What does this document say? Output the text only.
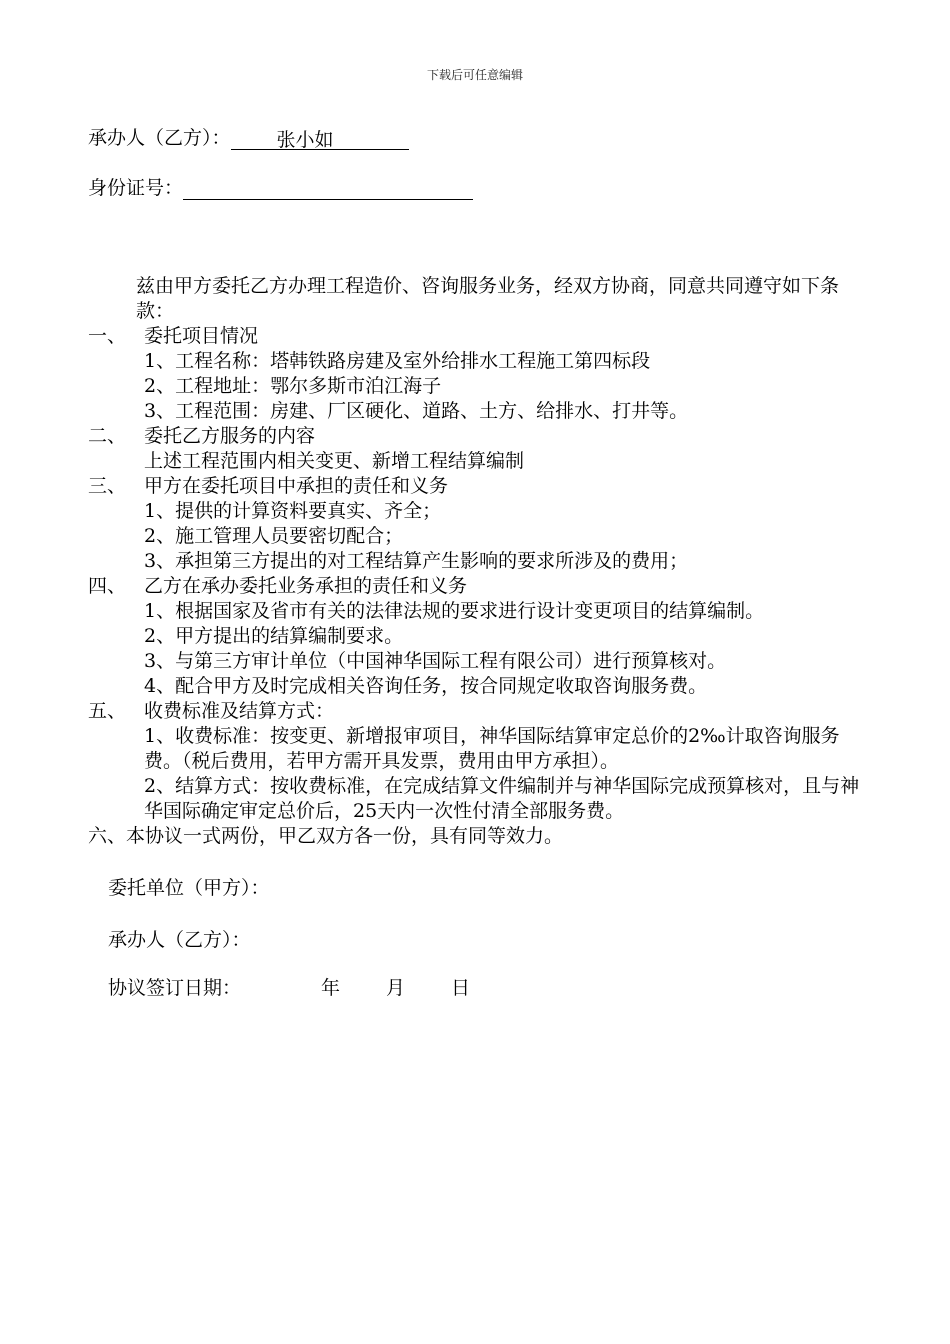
下载后可任意编辑
承办人（乙方）： 张小如
身份证号：
兹由甲方委托乙方办理工程造价、咨询服务业务，经双方协商，同意共同遵守如下条款：
一、 委托项目情况
1、工程名称：塔韩铁路房建及室外给排水工程施工第四标段
2、工程地址：鄂尔多斯市泊江海子
3、工程范围：房建、厂区硬化、道路、土方、给排水、打井等。
二、 委托乙方服务的内容
上述工程范围内相关变更、新增工程结算编制
三、 甲方在委托项目中承担的责任和义务
1、提供的计算资料要真实、齐全；
2、施工管理人员要密切配合；
3、承担第三方提出的对工程结算产生影响的要求所涉及的费用；
四、 乙方在承办委托业务承担的责任和义务
1、根据国家及省市有关的法律法规的要求进行设计变更项目的结算编制。
2、甲方提出的结算编制要求。
3、与第三方审计单位（中国神华国际工程有限公司）进行预算核对。
4、配合甲方及时完成相关咨询任务，按合同规定收取咨询服务费。
五、 收费标准及结算方式：
1、收费标准：按变更、新增报审项目，神华国际结算审定总价的2‰计取咨询服务费。（税后费用，若甲方需开具发票，费用由甲方承担）。
2、结算方式：按收费标准，在完成结算文件编制并与神华国际完成预算核对，且与神华国际确定审定总价后，25天内一次性付清全部服务费。
六、本协议一式两份，甲乙双方各一份，具有同等效力。
委托单位（甲方）：
承办人（乙方）：
协议签订日期：	年 月 日
